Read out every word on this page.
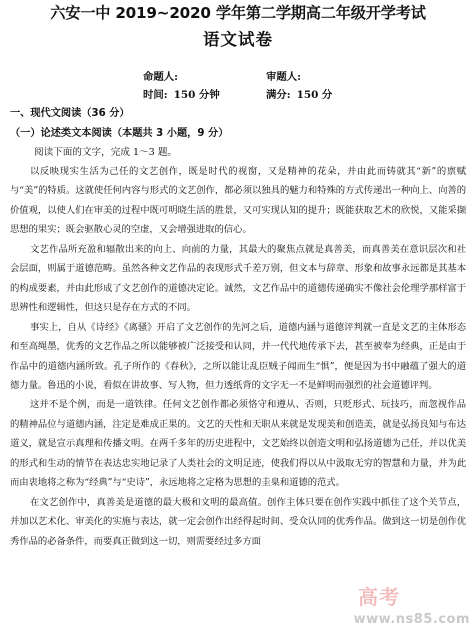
六安一中 2019~2020 学年第二学期高二年级开学考试
语文试卷
命题人:	审题人:
时间: 150 分钟	满分: 150 分
一、现代文阅读（36 分）
（一）论述类文本阅读（本题共 3 小题，9 分）
阅读下面的文字，完成 1～3 题。

以反映现实生活为己任的文艺创作，既是时代的视窗，又是精神的花朵，并由此而铸就其“新”的禀赋与“美”的特质。这就使任何内容与形式的文艺创作，都必须以独具的魅力和特殊的方式传递出一种向上、向善的价值观，以使人们在审美的过程中既可明晓生活的胜景，又可实现认知的提升；既能获取艺术的欣悦，又能采撷思想的果实；既会驱散心灵的空虚，又会增强进取的信心。

文艺作品所充盈和辐散出来的向上、向前的力量，其最大的聚焦点就是真善美，而真善美在意识层次和社会层面，则属于道德范畴。虽然各种文艺作品的表现形式千差万别，但文本与辞章、形象和故事永远都是其基本的构成要素，并由此形成了文艺创作的道德决定论。诚然，文艺作品中的道德传递确实不像社会伦理学那样富于思辨性和逻辑性，但这只是存在方式的不同。

事实上，自从《诗经》《离骚》开启了文艺创作的先河之后，道德内涵与道德评判就一直是文艺的主体形态和至高绳墨，优秀的文艺作品之所以能够被广泛接受和认同，并一代代地传承下去，甚至被奉为经典，正是由于作品中的道德内涵所致。孔子所作的《春秋》，之所以能让乱臣贼子闻而生“惧”，便是因为书中融蕴了强大的道德力量。鲁迅的小说，看似在讲故事、写人物，但力透纸背的文字无一不是鲜明而强烈的社会道德评判。

这并不是个例，而是一道铁律。任何文艺创作都必须恪守和遵从、否则，只贬形式、玩技巧，而忽视作品的精神品位与道德内涵，注定是难成正果的。文艺的天性和天职从来就是发现美和创造美，就是弘扬良知与布达道义，就是宣示真理和传播文明。在两千多年的历史进程中，文艺始终以创造文明和弘扬道德为己任，并以优美的形式和生动的情节在表达忠实地记录了人类社会的文明足迹，使我们得以从中汲取无穷的智慧和力量，并为此而由衷地将之称为“经典”与“史诗”，永远地将之定格为思想的圭臬和道德的范式。

在文艺创作中，真善美是道德的最大极和文明的最高值。创作主体只要在创作实践中抓住了这个关节点，并加以艺术化、审美化的实施与表达，就一定会创作出经得起时间、受众认同的优秀作品。做到这一切是创作优秀作品的必备条件，而要真正做到这一切，则需要经过多方面

高考
www.ns85.com
